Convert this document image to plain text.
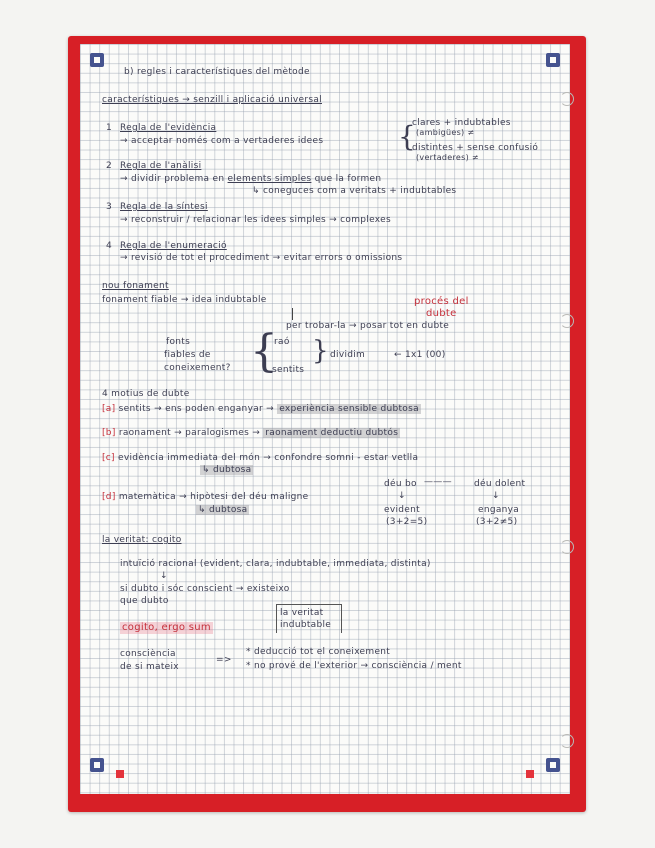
b) regles i característiques del mètode
característiques → senzill i aplicació universal
1 Regla de l'evidència
→ acceptar només com a vertaderes idees	{
clares + indubtables
(ambigües) ≠
distintes + sense confusió
(vertaderes) ≠
2 Regla de l'anàlisi
→ dividir problema en elements simples que la formen
↳ coneguces com a veritats + indubtables
3 Regla de la síntesi
→ reconstruir / relacionar les idees simples → complexes
4 Regla de l'enumeració
→ revisió de tot el procediment → evitar errors o omissions
nou fonament
fonament fiable → idea indubtable	procés del
dubte
per trobar-la → posar tot en dubte
fonts
fiables de
coneixement? {
raó
sentits
} dividim	← 1x1 (00)
4 motius de dubte
[a] sentits → ens poden enganyar → experiència sensible dubtosa
[b] raonament → paralogismes → raonament deductiu dubtós
[c] evidència immediata del món → confondre somni - estar vetlla
↳ dubtosa
[d] matemàtica → hipòtesi del déu maligne
↳ dubtosa
déu bo ——— déu dolent
↓	↓
evident
(3+2=5)
enganya
(3+2≠5)
la veritat: cogito
intuïció racional (evident, clara, indubtable, immediata, distinta)
↓
si dubto i sóc conscient → existeixo
que dubto
cogito, ergo sum
la veritat
indubtable
consciència
de si mateix
=>
* deducció tot el coneixement
* no prové de l'exterior → consciència / ment
